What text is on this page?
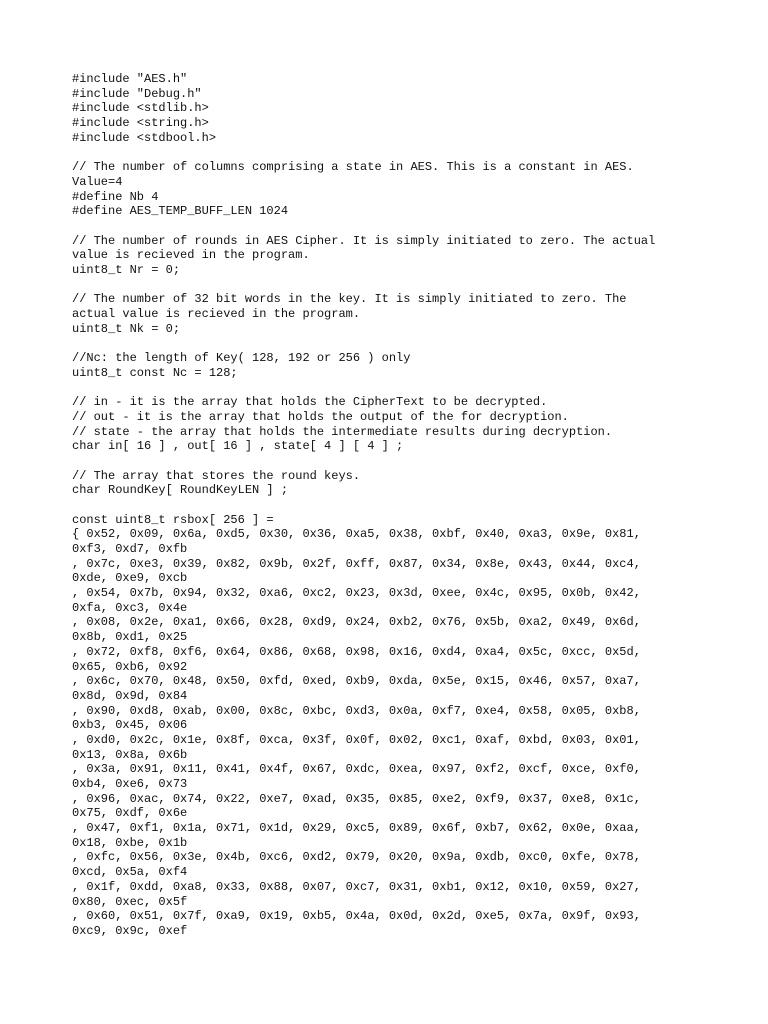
#include "AES.h"
#include "Debug.h"
#include <stdlib.h>
#include <string.h>
#include <stdbool.h>
// The number of columns comprising a state in AES. This is a constant in AES.
Value=4
#define Nb 4
#define AES_TEMP_BUFF_LEN 1024
// The number of rounds in AES Cipher. It is simply initiated to zero. The actual
value is recieved in the program.
uint8_t Nr = 0;
// The number of 32 bit words in the key. It is simply initiated to zero. The
actual value is recieved in the program.
uint8_t Nk = 0;
//Nc: the length of Key( 128, 192 or 256 ) only
uint8_t const Nc = 128;
// in - it is the array that holds the CipherText to be decrypted.
// out - it is the array that holds the output of the for decryption.
// state - the array that holds the intermediate results during decryption.
char in[ 16 ] , out[ 16 ] , state[ 4 ] [ 4 ] ;
// The array that stores the round keys.
char RoundKey[ RoundKeyLEN ] ;
const uint8_t rsbox[ 256 ] =
{ 0x52, 0x09, 0x6a, 0xd5, 0x30, 0x36, 0xa5, 0x38, 0xbf, 0x40, 0xa3, 0x9e, 0x81,
0xf3, 0xd7, 0xfb
, 0x7c, 0xe3, 0x39, 0x82, 0x9b, 0x2f, 0xff, 0x87, 0x34, 0x8e, 0x43, 0x44, 0xc4,
0xde, 0xe9, 0xcb
, 0x54, 0x7b, 0x94, 0x32, 0xa6, 0xc2, 0x23, 0x3d, 0xee, 0x4c, 0x95, 0x0b, 0x42,
0xfa, 0xc3, 0x4e
, 0x08, 0x2e, 0xa1, 0x66, 0x28, 0xd9, 0x24, 0xb2, 0x76, 0x5b, 0xa2, 0x49, 0x6d,
0x8b, 0xd1, 0x25
, 0x72, 0xf8, 0xf6, 0x64, 0x86, 0x68, 0x98, 0x16, 0xd4, 0xa4, 0x5c, 0xcc, 0x5d,
0x65, 0xb6, 0x92
, 0x6c, 0x70, 0x48, 0x50, 0xfd, 0xed, 0xb9, 0xda, 0x5e, 0x15, 0x46, 0x57, 0xa7,
0x8d, 0x9d, 0x84
, 0x90, 0xd8, 0xab, 0x00, 0x8c, 0xbc, 0xd3, 0x0a, 0xf7, 0xe4, 0x58, 0x05, 0xb8,
0xb3, 0x45, 0x06
, 0xd0, 0x2c, 0x1e, 0x8f, 0xca, 0x3f, 0x0f, 0x02, 0xc1, 0xaf, 0xbd, 0x03, 0x01,
0x13, 0x8a, 0x6b
, 0x3a, 0x91, 0x11, 0x41, 0x4f, 0x67, 0xdc, 0xea, 0x97, 0xf2, 0xcf, 0xce, 0xf0,
0xb4, 0xe6, 0x73
, 0x96, 0xac, 0x74, 0x22, 0xe7, 0xad, 0x35, 0x85, 0xe2, 0xf9, 0x37, 0xe8, 0x1c,
0x75, 0xdf, 0x6e
, 0x47, 0xf1, 0x1a, 0x71, 0x1d, 0x29, 0xc5, 0x89, 0x6f, 0xb7, 0x62, 0x0e, 0xaa,
0x18, 0xbe, 0x1b
, 0xfc, 0x56, 0x3e, 0x4b, 0xc6, 0xd2, 0x79, 0x20, 0x9a, 0xdb, 0xc0, 0xfe, 0x78,
0xcd, 0x5a, 0xf4
, 0x1f, 0xdd, 0xa8, 0x33, 0x88, 0x07, 0xc7, 0x31, 0xb1, 0x12, 0x10, 0x59, 0x27,
0x80, 0xec, 0x5f
, 0x60, 0x51, 0x7f, 0xa9, 0x19, 0xb5, 0x4a, 0x0d, 0x2d, 0xe5, 0x7a, 0x9f, 0x93,
0xc9, 0x9c, 0xef
